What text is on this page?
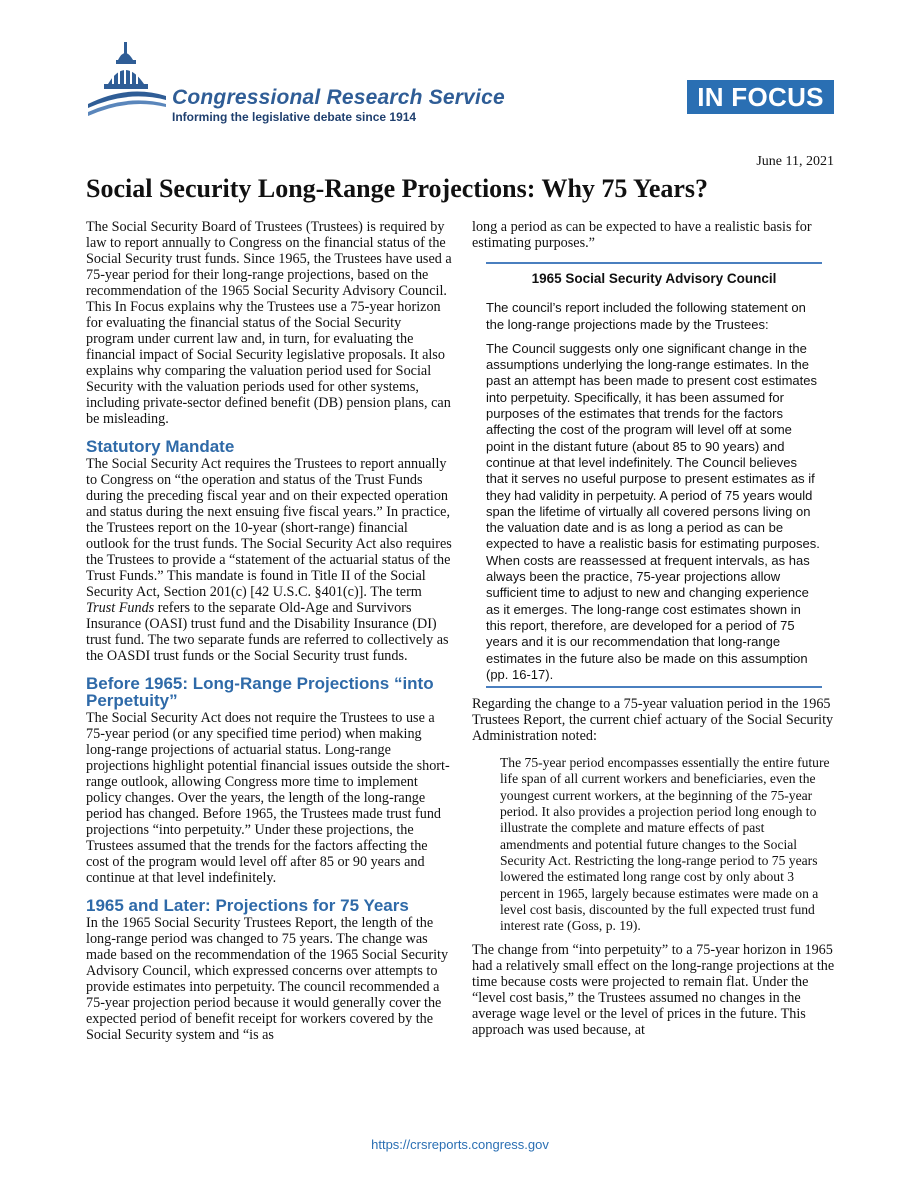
Congressional Research Service
Informing the legislative debate since 1914
IN FOCUS
June 11, 2021
Social Security Long-Range Projections: Why 75 Years?

The Social Security Board of Trustees (Trustees) is required by law to report annually to Congress on the financial status of the Social Security trust funds. Since 1965, the Trustees have used a 75-year period for their long-range projections, based on the recommendation of the 1965 Social Security Advisory Council. This In Focus explains why the Trustees use a 75-year horizon for evaluating the financial status of the Social Security program under current law and, in turn, for evaluating the financial impact of Social Security legislative proposals. It also explains why comparing the valuation period used for Social Security with the valuation periods used for other systems, including private-sector defined benefit (DB) pension plans, can be misleading.

Statutory Mandate

The Social Security Act requires the Trustees to report annually to Congress on “the operation and status of the Trust Funds during the preceding fiscal year and on their expected operation and status during the next ensuing five fiscal years.” In practice, the Trustees report on the 10-year (short-range) financial outlook for the trust funds. The Social Security Act also requires the Trustees to provide a “statement of the actuarial status of the Trust Funds.” This mandate is found in Title II of the Social Security Act, Section 201(c) [42 U.S.C. §401(c)]. The term Trust Funds refers to the separate Old-Age and Survivors Insurance (OASI) trust fund and the Disability Insurance (DI) trust fund. The two separate funds are referred to collectively as the OASDI trust funds or the Social Security trust funds.

Before 1965: Long-Range Projections “into Perpetuity”

The Social Security Act does not require the Trustees to use a 75-year period (or any specified time period) when making long-range projections of actuarial status. Long-range projections highlight potential financial issues outside the short-range outlook, allowing Congress more time to implement policy changes. Over the years, the length of the long-range period has changed. Before 1965, the Trustees made trust fund projections “into perpetuity.” Under these projections, the Trustees assumed that the trends for the factors affecting the cost of the program would level off after 85 or 90 years and continue at that level indefinitely.

1965 and Later: Projections for 75 Years

In the 1965 Social Security Trustees Report, the length of the long-range period was changed to 75 years. The change was made based on the recommendation of the 1965 Social Security Advisory Council, which expressed concerns over attempts to provide estimates into perpetuity. The council recommended a 75-year projection period because it would generally cover the expected period of benefit receipt for workers covered by the Social Security system and “is as

long a period as can be expected to have a realistic basis for estimating purposes.”

1965 Social Security Advisory Council

The council’s report included the following statement on the long-range projections made by the Trustees:

The Council suggests only one significant change in the assumptions underlying the long-range estimates. In the past an attempt has been made to present cost estimates into perpetuity. Specifically, it has been assumed for purposes of the estimates that trends for the factors affecting the cost of the program will level off at some point in the distant future (about 85 to 90 years) and continue at that level indefinitely. The Council believes that it serves no useful purpose to present estimates as if they had validity in perpetuity. A period of 75 years would span the lifetime of virtually all covered persons living on the valuation date and is as long a period as can be expected to have a realistic basis for estimating purposes. When costs are reassessed at frequent intervals, as has always been the practice, 75-year projections allow sufficient time to adjust to new and changing experience as it emerges. The long-range cost estimates shown in this report, therefore, are developed for a period of 75 years and it is our recommendation that long-range estimates in the future also be made on this assumption (pp. 16-17).

Regarding the change to a 75-year valuation period in the 1965 Trustees Report, the current chief actuary of the Social Security Administration noted:

The 75-year period encompasses essentially the entire future life span of all current workers and beneficiaries, even the youngest current workers, at the beginning of the 75-year period. It also provides a projection period long enough to illustrate the complete and mature effects of past amendments and potential future changes to the Social Security Act. Restricting the long-range period to 75 years lowered the estimated long range cost by only about 3 percent in 1965, largely because estimates were made on a level cost basis, discounted by the full expected trust fund interest rate (Goss, p. 19).

The change from “into perpetuity” to a 75-year horizon in 1965 had a relatively small effect on the long-range projections at the time because costs were projected to remain flat. Under the “level cost basis,” the Trustees assumed no changes in the average wage level or the level of prices in the future. This approach was used because, at

https://crsreports.congress.gov
